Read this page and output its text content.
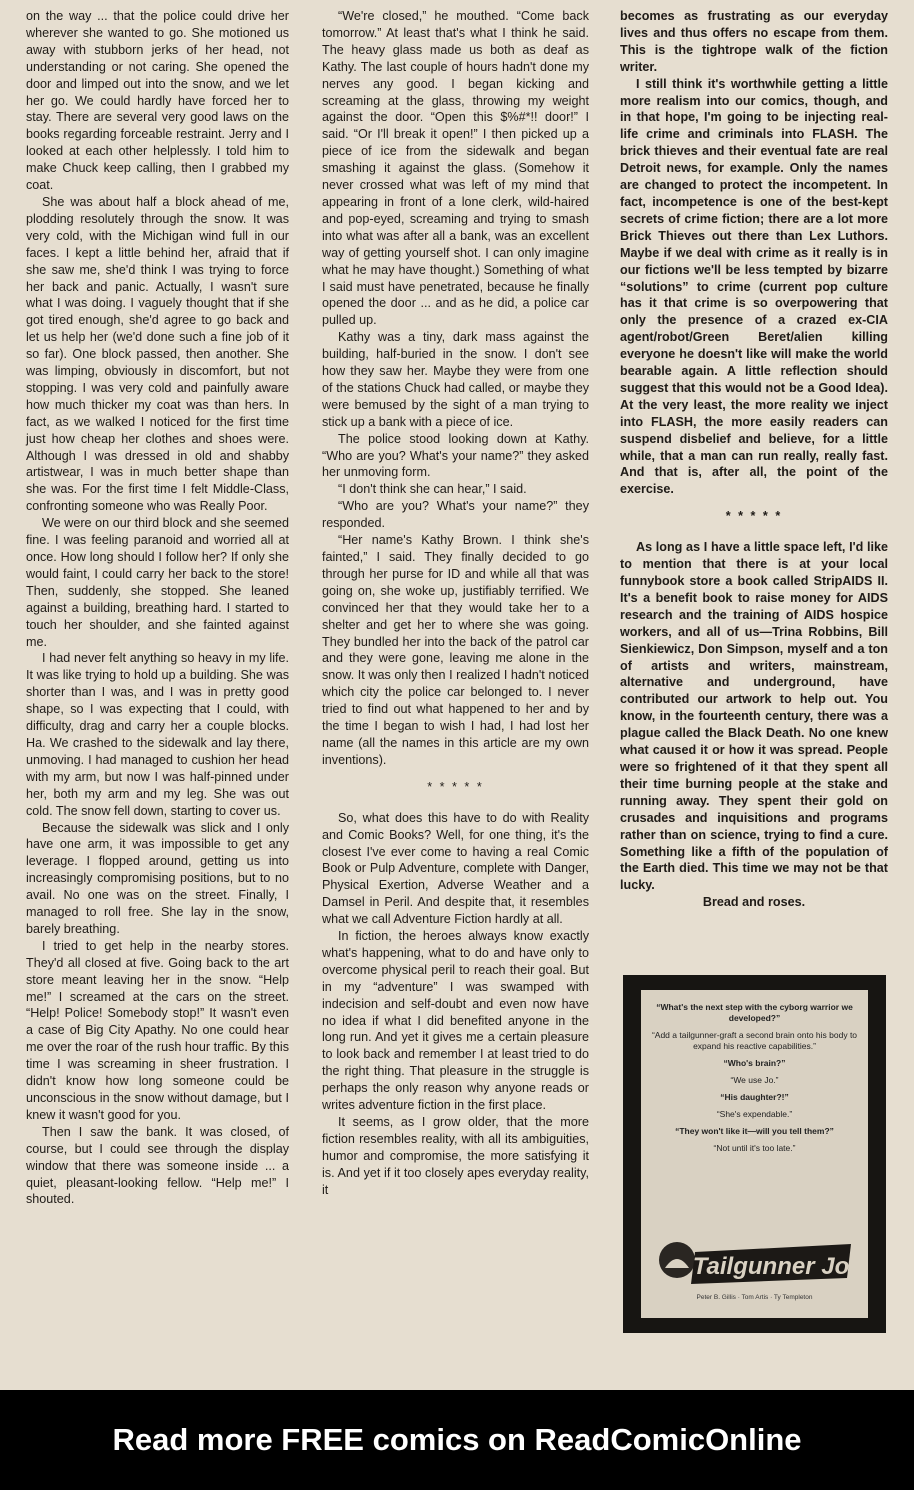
on the way ... that the police could drive her wherever she wanted to go. She motioned us away with stubborn jerks of her head, not understanding or not caring. She opened the door and limped out into the snow, and we let her go. We could hardly have forced her to stay. There are several very good laws on the books regarding forceable restraint. Jerry and I looked at each other helplessly. I told him to make Chuck keep calling, then I grabbed my coat.

She was about half a block ahead of me, plodding resolutely through the snow. It was very cold, with the Michigan wind full in our faces. I kept a little behind her, afraid that if she saw me, she'd think I was trying to force her back and panic. Actually, I wasn't sure what I was doing. I vaguely thought that if she got tired enough, she'd agree to go back and let us help her (we'd done such a fine job of it so far). One block passed, then another. She was limping, obviously in discomfort, but not stopping. I was very cold and painfully aware how much thicker my coat was than hers. In fact, as we walked I noticed for the first time just how cheap her clothes and shoes were. Although I was dressed in old and shabby artistwear, I was in much better shape than she was. For the first time I felt Middle-Class, confronting someone who was Really Poor.

We were on our third block and she seemed fine. I was feeling paranoid and worried all at once. How long should I follow her? If only she would faint, I could carry her back to the store! Then, suddenly, she stopped. She leaned against a building, breathing hard. I started to touch her shoulder, and she fainted against me.

I had never felt anything so heavy in my life. It was like trying to hold up a building. She was shorter than I was, and I was in pretty good shape, so I was expecting that I could, with difficulty, drag and carry her a couple blocks. Ha. We crashed to the sidewalk and lay there, unmoving. I had managed to cushion her head with my arm, but now I was half-pinned under her, both my arm and my leg. She was out cold. The snow fell down, starting to cover us.

Because the sidewalk was slick and I only have one arm, it was impossible to get any leverage. I flopped around, getting us into increasingly compromising positions, but to no avail. No one was on the street. Finally, I managed to roll free. She lay in the snow, barely breathing.

I tried to get help in the nearby stores. They'd all closed at five. Going back to the art store meant leaving her in the snow. “Help me!” I screamed at the cars on the street. “Help! Police! Somebody stop!” It wasn't even a case of Big City Apathy. No one could hear me over the roar of the rush hour traffic. By this time I was screaming in sheer frustration. I didn't know how long someone could be unconscious in the snow without damage, but I knew it wasn't good for you.

Then I saw the bank. It was closed, of course, but I could see through the display window that there was someone inside ... a quiet, pleasant-looking fellow. “Help me!” I shouted.

“We're closed,” he mouthed. “Come back tomorrow.” At least that's what I think he said. The heavy glass made us both as deaf as Kathy. The last couple of hours hadn't done my nerves any good. I began kicking and screaming at the glass, throwing my weight against the door. “Open this $%#*!! door!” I said. “Or I'll break it open!” I then picked up a piece of ice from the sidewalk and began smashing it against the glass. (Somehow it never crossed what was left of my mind that appearing in front of a lone clerk, wild-haired and pop-eyed, screaming and trying to smash into what was after all a bank, was an excellent way of getting yourself shot. I can only imagine what he may have thought.) Something of what I said must have penetrated, because he finally opened the door ... and as he did, a police car pulled up.

Kathy was a tiny, dark mass against the building, half-buried in the snow. I don't see how they saw her. Maybe they were from one of the stations Chuck had called, or maybe they were bemused by the sight of a man trying to stick up a bank with a piece of ice.

The police stood looking down at Kathy. “Who are you? What's your name?” they asked her unmoving form.

“I don't think she can hear,” I said.

“Who are you? What's your name?” they responded.

“Her name's Kathy Brown. I think she's fainted,” I said. They finally decided to go through her purse for ID and while all that was going on, she woke up, justifiably terrified. We convinced her that they would take her to a shelter and get her to where she was going. They bundled her into the back of the patrol car and they were gone, leaving me alone in the snow. It was only then I realized I hadn't noticed which city the police car belonged to. I never tried to find out what happened to her and by the time I began to wish I had, I had lost her name (all the names in this article are my own inventions).

* * * * *

So, what does this have to do with Reality and Comic Books? Well, for one thing, it's the closest I've ever come to having a real Comic Book or Pulp Adventure, complete with Danger, Physical Exertion, Adverse Weather and a Damsel in Peril. And despite that, it resembles what we call Adventure Fiction hardly at all.

In fiction, the heroes always know exactly what's happening, what to do and have only to overcome physical peril to reach their goal. But in my “adventure” I was swamped with indecision and self-doubt and even now have no idea if what I did benefited anyone in the long run. And yet it gives me a certain pleasure to look back and remember I at least tried to do the right thing. That pleasure in the struggle is perhaps the only reason why anyone reads or writes adventure fiction in the first place.

It seems, as I grow older, that the more fiction resembles reality, with all its ambiguities, humor and compromise, the more satisfying it is. And yet if it too closely apes everyday reality, it

becomes as frustrating as our everyday lives and thus offers no escape from them. This is the tightrope walk of the fiction writer.

I still think it's worthwhile getting a little more realism into our comics, though, and in that hope, I'm going to be injecting real-life crime and criminals into FLASH. The brick thieves and their eventual fate are real Detroit news, for example. Only the names are changed to protect the incompetent. In fact, incompetence is one of the best-kept secrets of crime fiction; there are a lot more Brick Thieves out there than Lex Luthors. Maybe if we deal with crime as it really is in our fictions we'll be less tempted by bizarre “solutions” to crime (current pop culture has it that crime is so overpowering that only the presence of a crazed ex-CIA agent/robot/Green Beret/alien killing everyone he doesn't like will make the world bearable again. A little reflection should suggest that this would not be a Good Idea). At the very least, the more reality we inject into FLASH, the more easily readers can suspend disbelief and believe, for a little while, that a man can run really, really fast. And that is, after all, the point of the exercise.

* * * * *

As long as I have a little space left, I'd like to mention that there is at your local funnybook store a book called StripAIDS II. It's a benefit book to raise money for AIDS research and the training of AIDS hospice workers, and all of us—Trina Robbins, Bill Sienkiewicz, Don Simpson, myself and a ton of artists and writers, mainstream, alternative and underground, have contributed our artwork to help out. You know, in the fourteenth century, there was a plague called the Black Death. No one knew what caused it or how it was spread. People were so frightened of it that they spent all their time burning people at the stake and running away. They spent their gold on crusades and inquisitions and programs rather than on science, trying to find a cure. Something like a fifth of the population of the Earth died. This time we may not be that lucky.

Bread and roses.

“What's the next step with the cyborg warrior we developed?”
“Add a tailgunner-graft a second brain onto his body to expand his reactive capabilities.”
“Who's brain?”
“We use Jo.”
“His daughter?!”
“She's expendable.”
“They won't like it—will you tell them?”
“Not until it's too late.”
Tailgunner Jo
Peter B. Gillis · Tom Artis · Ty Templeton
Read more FREE comics on ReadComicOnline
